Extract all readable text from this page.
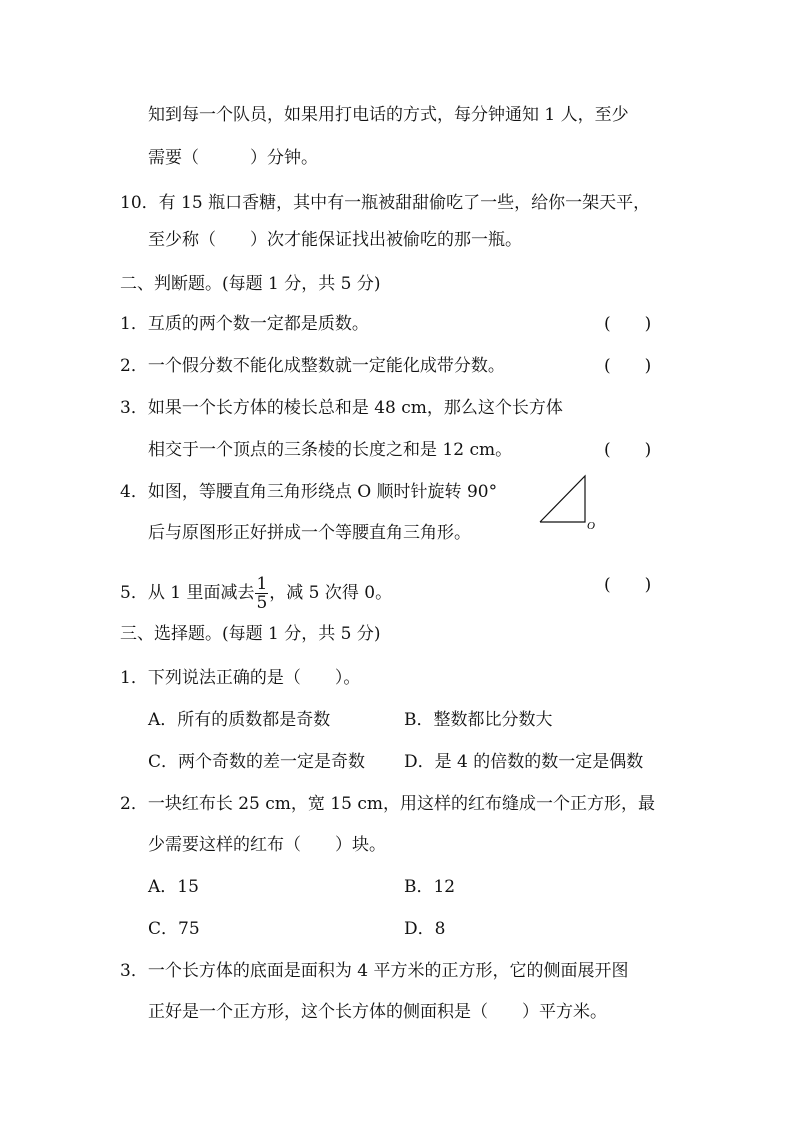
知到每一个队员，如果用打电话的方式，每分钟通知 1 人，至少
需要（　　　）分钟。
10．有 15 瓶口香糖，其中有一瓶被甜甜偷吃了一些，给你一架天平，
至少称（　　）次才能保证找出被偷吃的那一瓶。
二、判断题。(每题 1 分，共 5 分)
1．互质的两个数一定都是质数。	(　　)
2．一个假分数不能化成整数就一定能化成带分数。	(　　)
3．如果一个长方体的棱长总和是 48 cm，那么这个长方体
相交于一个顶点的三条棱的长度之和是 12 cm。	(　　)
4．如图，等腰直角三角形绕点 O 顺时针旋转 90°
后与原图形正好拼成一个等腰直角三角形。	O
5．从 1 里面减去 $\frac{1}{5}$ ，减 5 次得 0。	(　　)
三、选择题。(每题 1 分，共 5 分)
1．下列说法正确的是（　　）。
A．所有的质数都是奇数	B．整数都比分数大
C．两个奇数的差一定是奇数 D．是 4 的倍数的数一定是偶数
2．一块红布长 25 cm，宽 15 cm，用这样的红布缝成一个正方形，最
少需要这样的红布（　　）块。
A．15	B．12
C．75	D．8
3．一个长方体的底面是面积为 4 平方米的正方形，它的侧面展开图
正好是一个正方形，这个长方体的侧面积是（　　）平方米。
